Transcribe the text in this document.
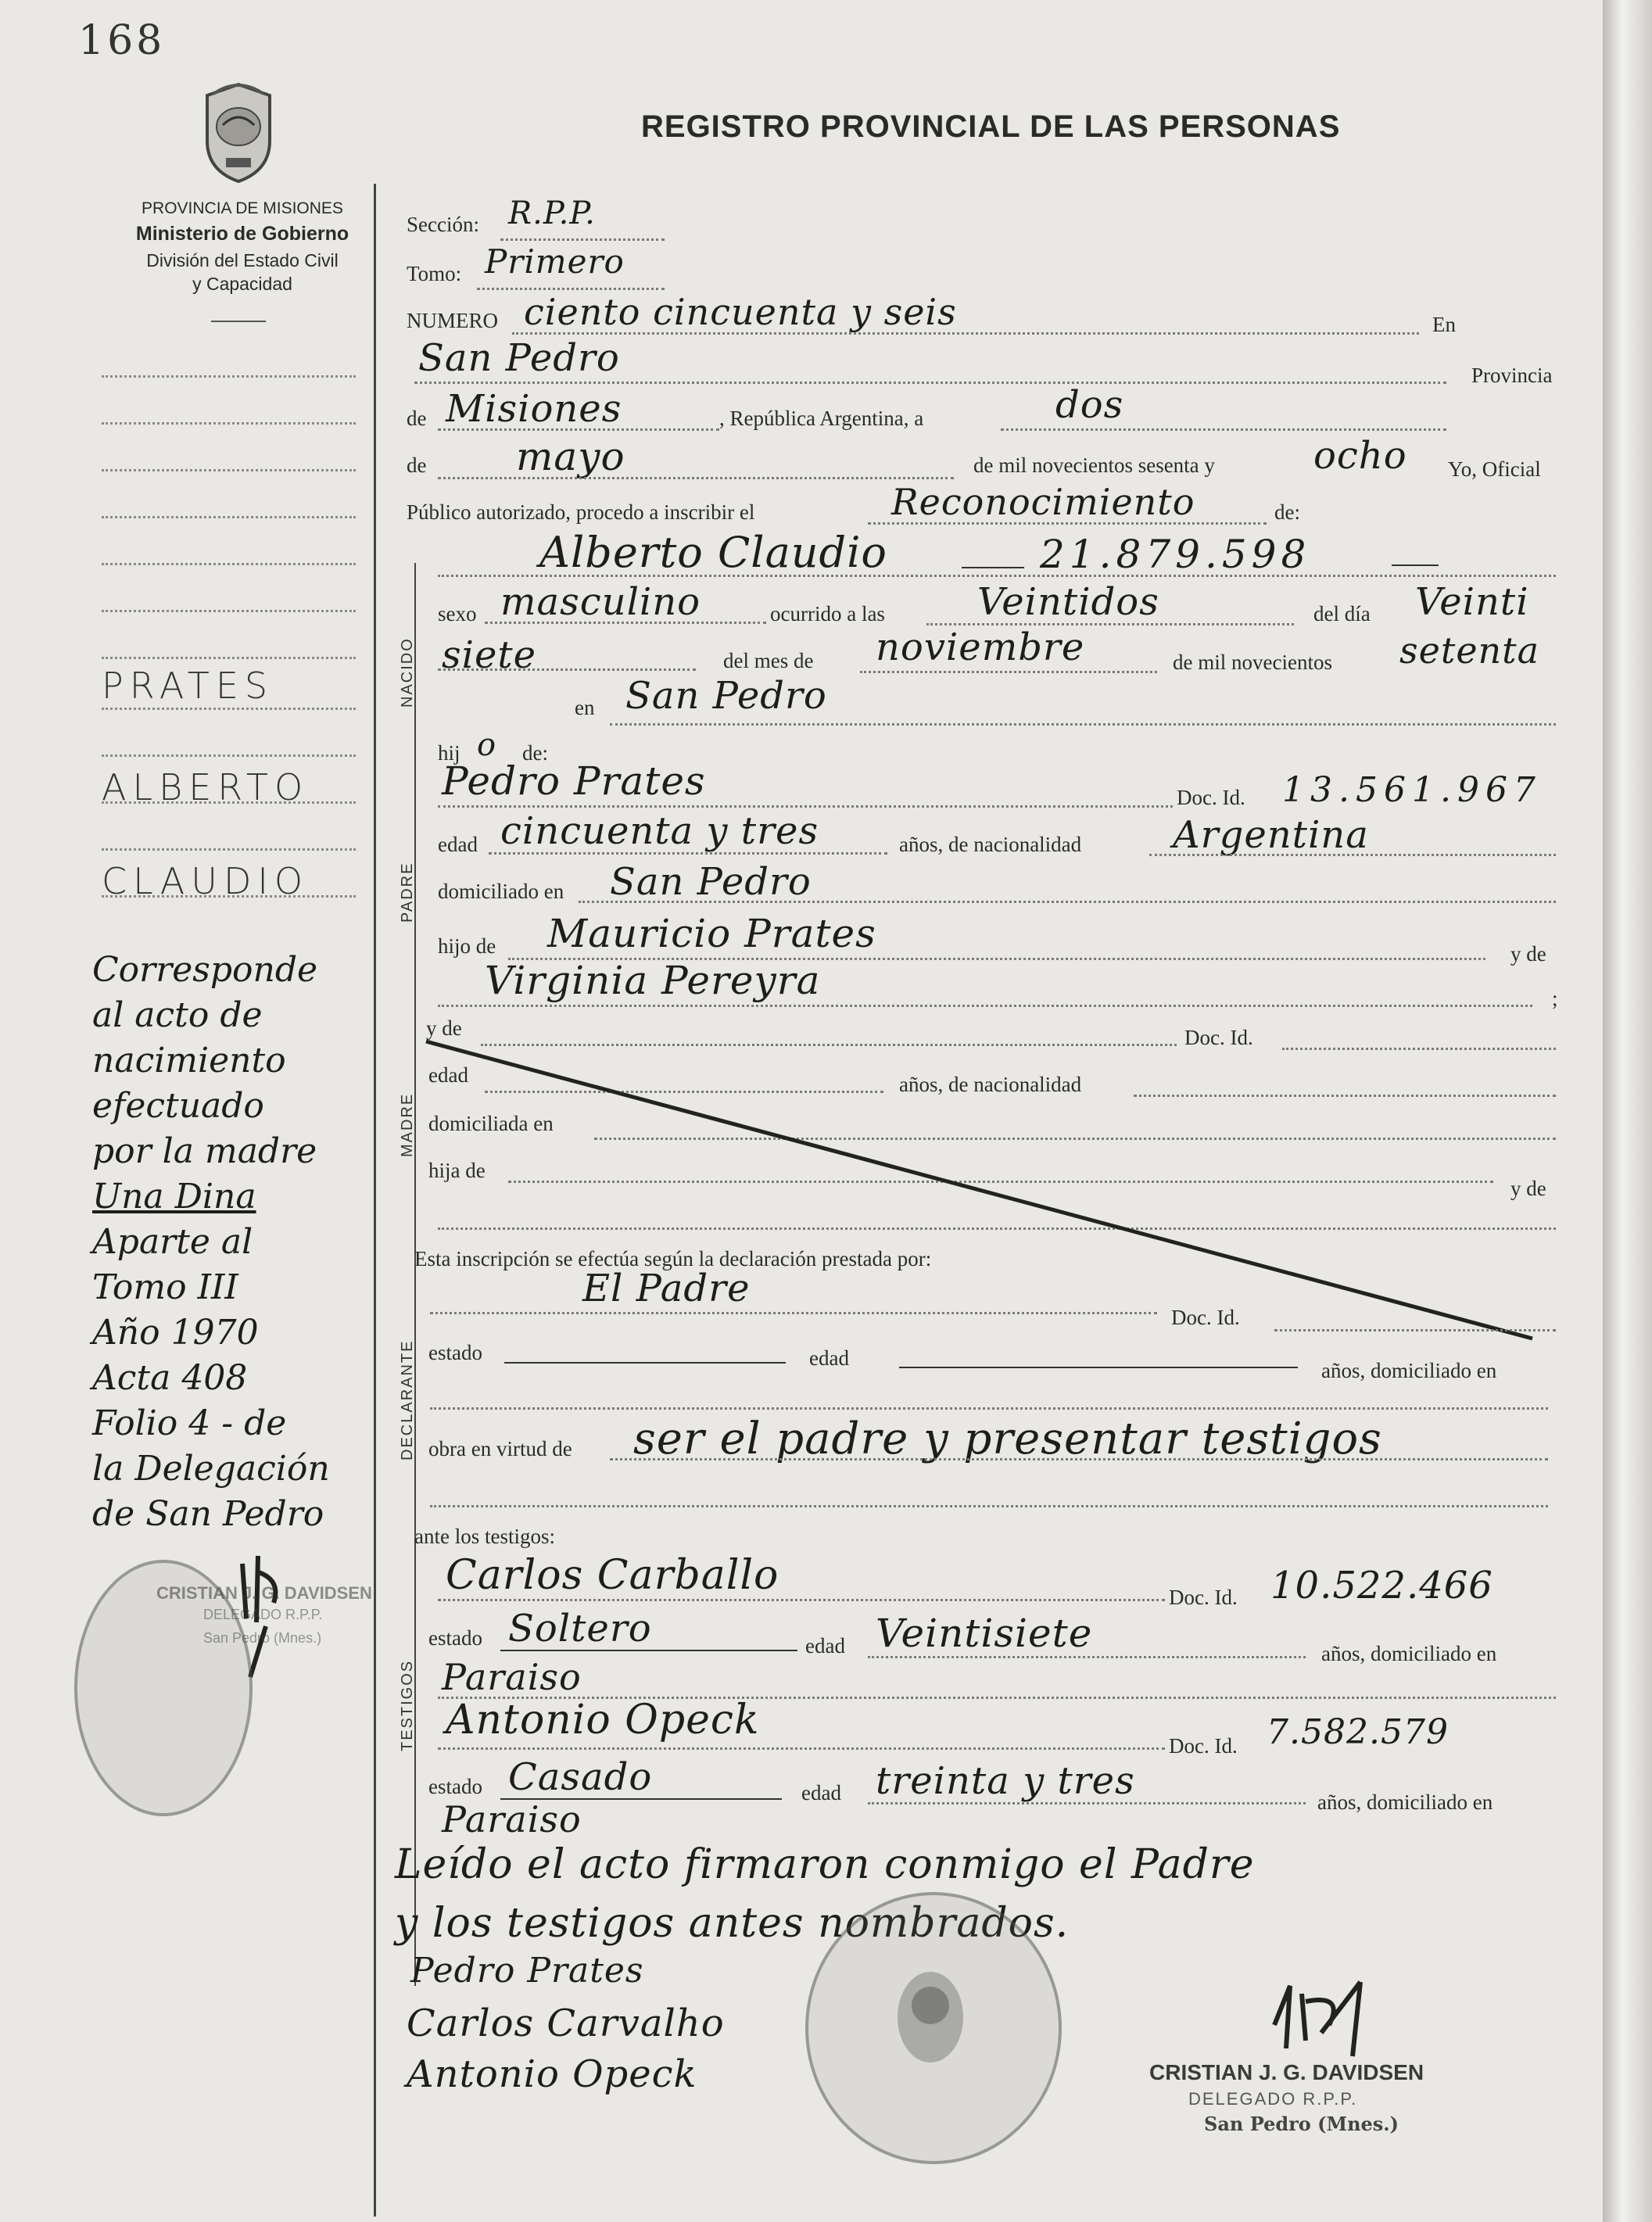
168
PROVINCIA DE MISIONES
Ministerio de Gobierno
División del Estado Civil
y Capacidad
REGISTRO PROVINCIAL DE LAS PERSONAS
PRATES
ALBERTO
CLAUDIO
Corresponde
al acto de
nacimiento
efectuado
por la madre
Una Dina
Aparte al
Tomo III
Año 1970
Acta 408
Folio 4 - de
la Delegación
de San Pedro
CRISTIAN J. G. DAVIDSEN
DELEGADO R.P.P.
San Pedro (Mnes.)
Sección: R.P.P.
Tomo: Primero
NUMERO ciento cincuenta y seis	En
San Pedro	Provincia
de Misiones	, República Argentina, a	dos
de mayo	de mil novecientos sesenta y	ocho Yo, Oficial
Público autorizado, procedo a inscribir el	Reconocimiento	de:
Alberto Claudio	21.879.598
NACIDO
sexo masculino	ocurrido a las Veintidos	del día Veinti
siete	del mes de noviembre	de mil novecientos setenta
en San Pedro
PADRE
hij o de:
Pedro Prates	Doc. Id. 13.561.967
edad cincuenta y tres	años, de nacionalidad Argentina
domiciliado en San Pedro
hijo de Mauricio Prates	y de
Virginia Pereyra	;
MADRE
y de	Doc. Id.
edad	años, de nacionalidad
domiciliada en
hija de
y de
DECLARANTE
Esta inscripción se efectúa según la declaración prestada por:
El Padre
Doc. Id.
estado	edad
años, domiciliado en
obra en virtud de ser el padre y presentar testigos
TESTIGOS
ante los testigos:
Carlos Carballo	Doc. Id. 10.522.466
estado Soltero	edad Veintisiete	años, domiciliado en
Paraiso
Antonio Opeck
Doc. Id. 7.582.579
estado Casado	edad treinta y tres	años, domiciliado en
Paraiso
Leído el acto firmaron conmigo el Padre
y los testigos antes nombrados.
Pedro Prates
Carlos Carvalho
Antonio Opeck	CRISTIAN J. G. DAVIDSEN
DELEGADO R.P.P.
San Pedro (Mnes.)
